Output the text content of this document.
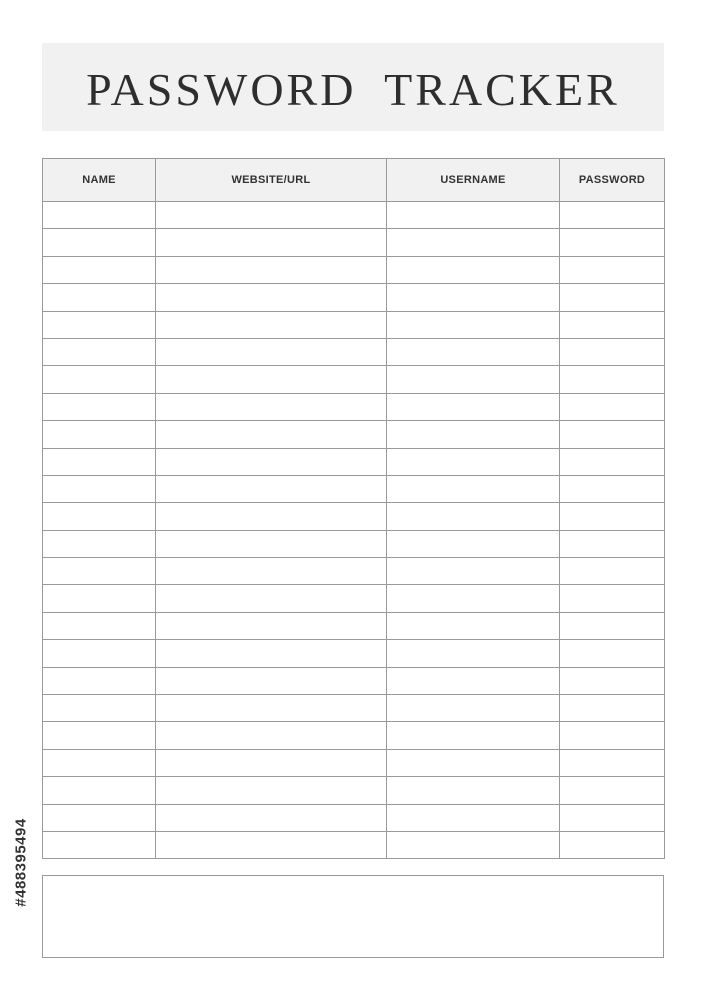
PASSWORD TRACKER
NAME	WEBSITE/URL	USERNAME	PASSWORD

#488395494
